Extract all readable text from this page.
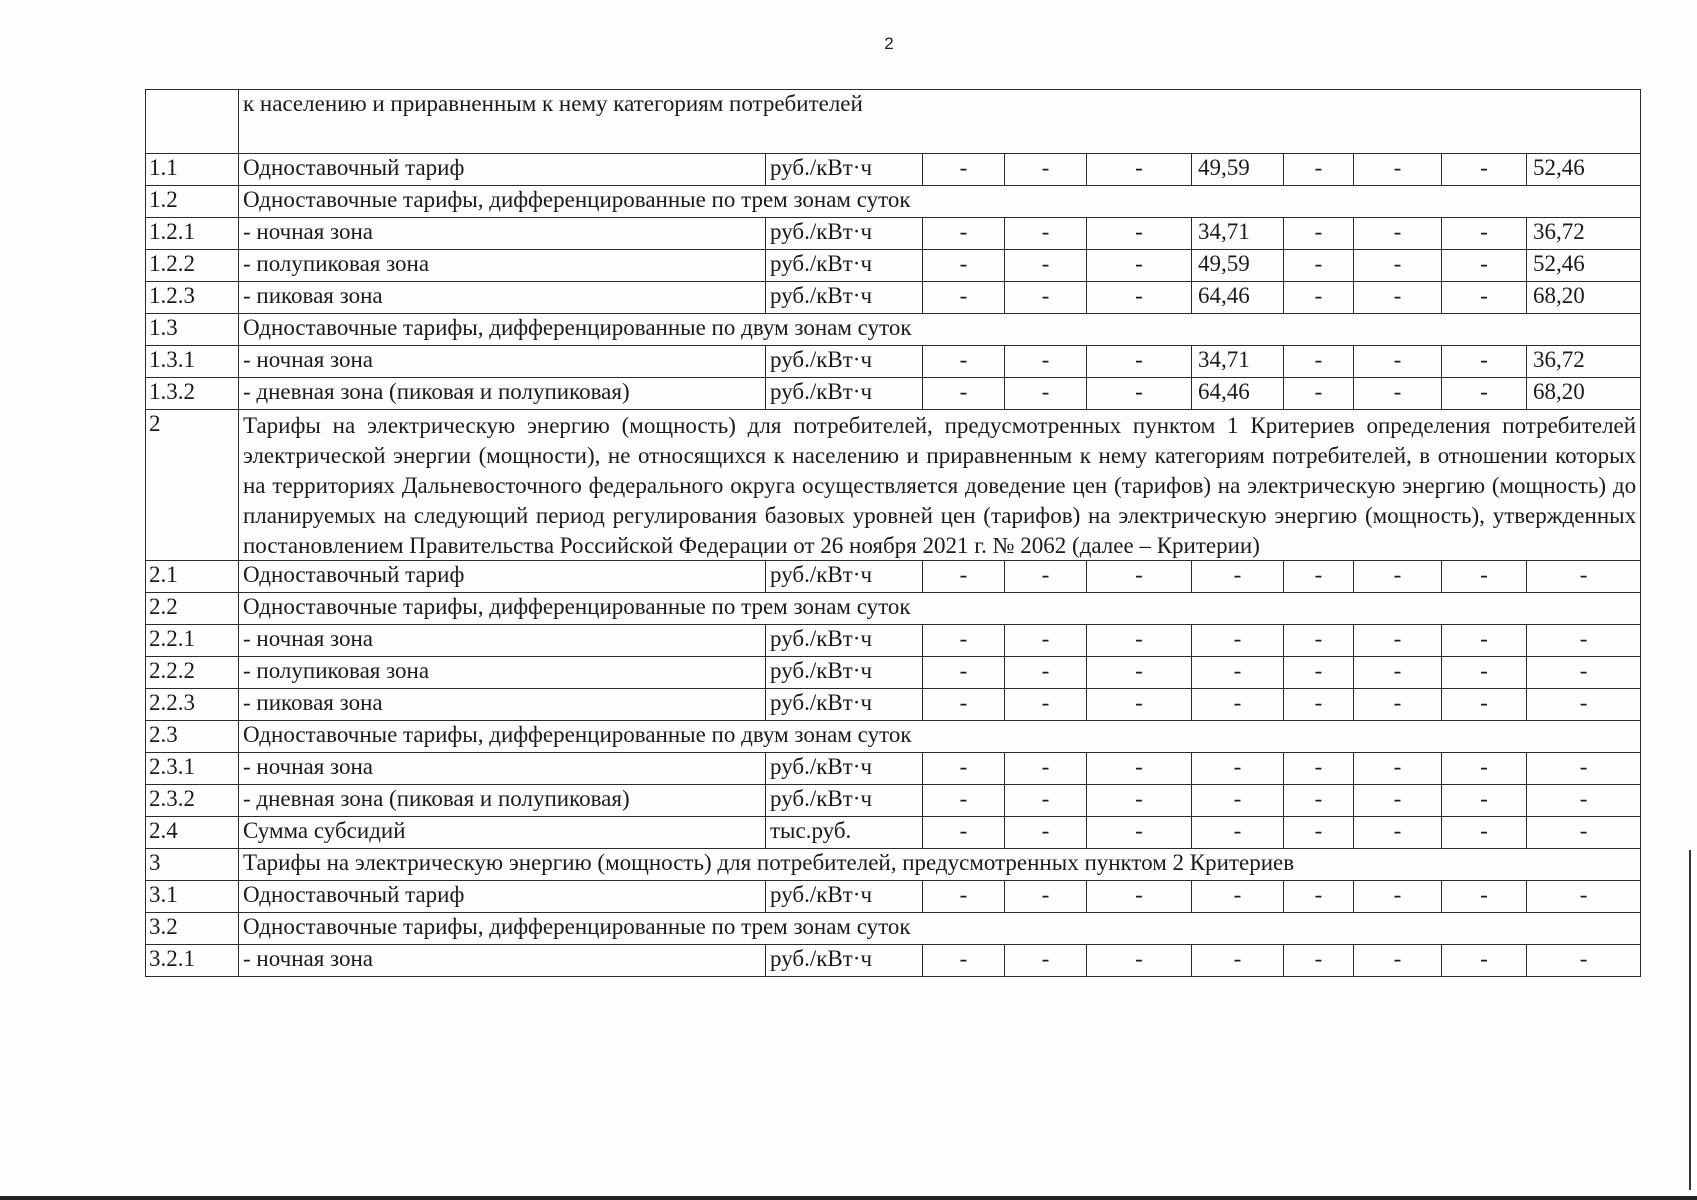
2
	к населению и приравненным к нему категориям потребителей									
1.1	Одноставочный тариф	руб./кВт·ч	-	-	-	49,59	-	-	-	52,46
1.2	Одноставочные тарифы, дифференцированные по трем зонам суток									
1.2.1	- ночная зона	руб./кВт·ч	-	-	-	34,71	-	-	-	36,72
1.2.2	- полупиковая зона	руб./кВт·ч	-	-	-	49,59	-	-	-	52,46
1.2.3	- пиковая зона	руб./кВт·ч	-	-	-	64,46	-	-	-	68,20
1.3	Одноставочные тарифы, дифференцированные по двум зонам суток									
1.3.1	- ночная зона	руб./кВт·ч	-	-	-	34,71	-	-	-	36,72
1.3.2	- дневная зона (пиковая и полупиковая)	руб./кВт·ч	-	-	-	64,46	-	-	-	68,20
2	Тарифы на электрическую энергию (мощность) для потребителей, предусмотренных пунктом 1 Критериев определения потребителей электрической энергии (мощности), не относящихся к населению и приравненным к нему категориям потребителей, в отношении которых на территориях Дальневосточного федерального округа осуществляется доведение цен (тарифов) на электрическую энергию (мощность) до планируемых на следующий период регулирования базовых уровней цен (тарифов) на электрическую энергию (мощность), утвержденных постановлением Правительства Российской Федерации от 26 ноября 2021 г. № 2062 (далее – Критерии)									
2.1	Одноставочный тариф	руб./кВт·ч	-	-	-	-	-	-	-	-
2.2	Одноставочные тарифы, дифференцированные по трем зонам суток									
2.2.1	- ночная зона	руб./кВт·ч	-	-	-	-	-	-	-	-
2.2.2	- полупиковая зона	руб./кВт·ч	-	-	-	-	-	-	-	-
2.2.3	- пиковая зона	руб./кВт·ч	-	-	-	-	-	-	-	-
2.3	Одноставочные тарифы, дифференцированные по двум зонам суток									
2.3.1	- ночная зона	руб./кВт·ч	-	-	-	-	-	-	-	-
2.3.2	- дневная зона (пиковая и полупиковая)	руб./кВт·ч	-	-	-	-	-	-	-	-
2.4	Сумма субсидий	тыс.руб.	-	-	-	-	-	-	-	-
3	Тарифы на электрическую энергию (мощность) для потребителей, предусмотренных пунктом 2 Критериев									
3.1	Одноставочный тариф	руб./кВт·ч	-	-	-	-	-	-	-	-
3.2	Одноставочные тарифы, дифференцированные по трем зонам суток									
3.2.1	- ночная зона	руб./кВт·ч	-	-	-	-	-	-	-	-
